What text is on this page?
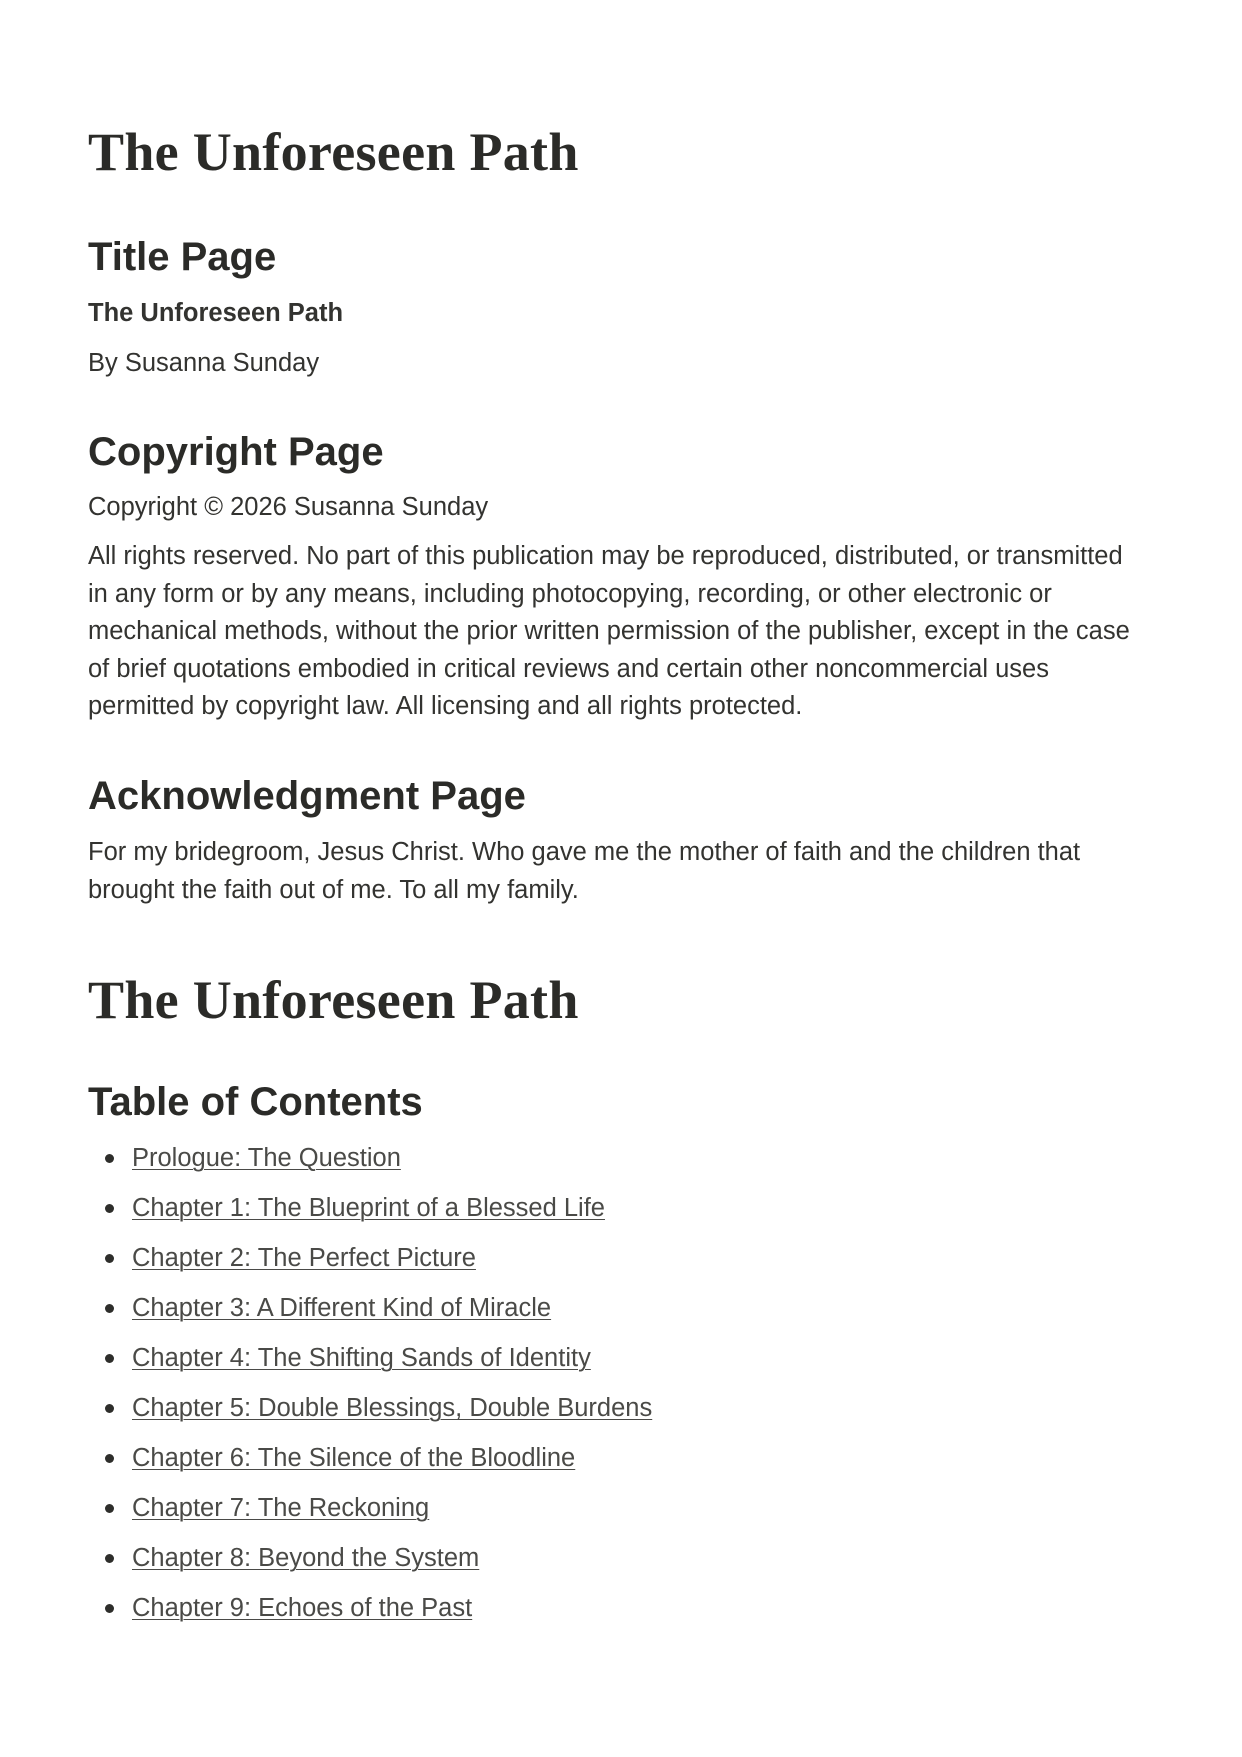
The Unforeseen Path
Title Page

The Unforeseen Path

By Susanna Sunday

Copyright Page

Copyright © 2026 Susanna Sunday

All rights reserved. No part of this publication may be reproduced, distributed, or transmitted in any form or by any means, including photocopying, recording, or other electronic or mechanical methods, without the prior written permission of the publisher, except in the case of brief quotations embodied in critical reviews and certain other noncommercial uses permitted by copyright law. All licensing and all rights protected.

Acknowledgment Page

For my bridegroom, Jesus Christ. Who gave me the mother of faith and the children that brought the faith out of me. To all my family.

The Unforeseen Path
Table of Contents
Prologue: The Question
Chapter 1: The Blueprint of a Blessed Life
Chapter 2: The Perfect Picture
Chapter 3: A Different Kind of Miracle
Chapter 4: The Shifting Sands of Identity
Chapter 5: Double Blessings, Double Burdens
Chapter 6: The Silence of the Bloodline
Chapter 7: The Reckoning
Chapter 8: Beyond the System
Chapter 9: Echoes of the Past
